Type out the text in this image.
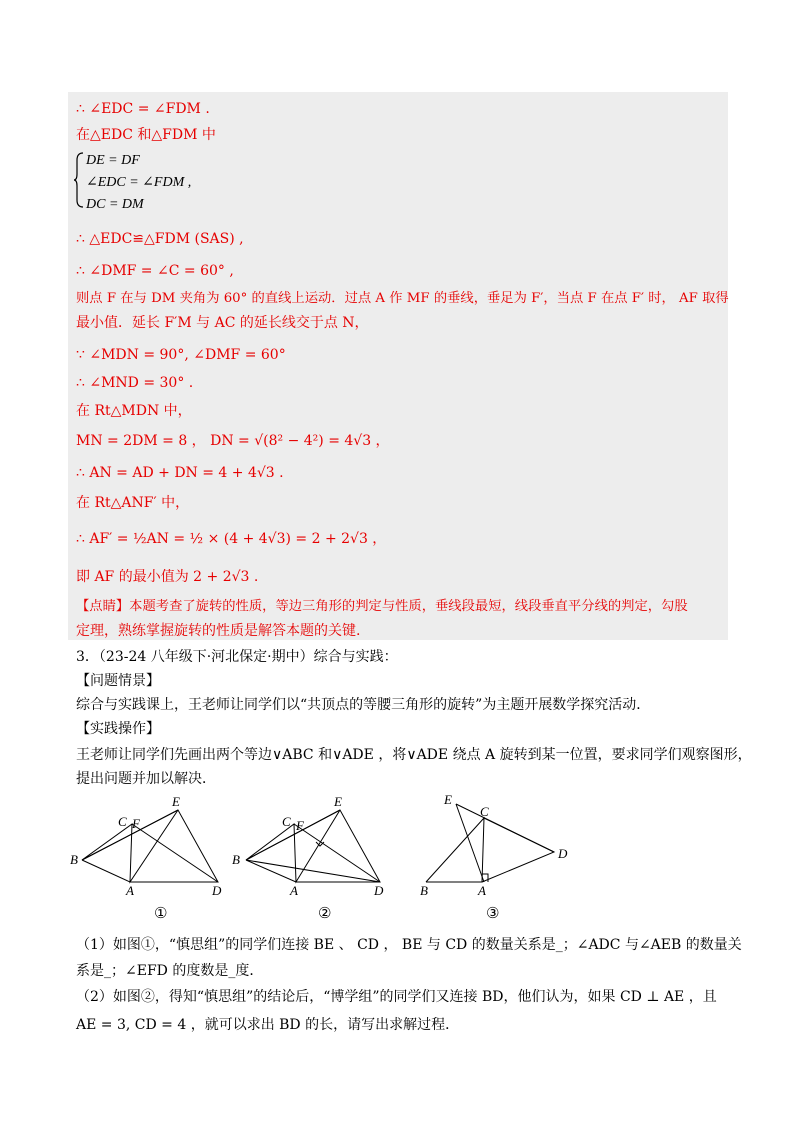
∴ ∠EDC = ∠FDM .
在△EDC 和△FDM 中
DE = DF
∠EDC = ∠FDM ,
DC = DM
∴ △EDC≌△FDM (SAS) ,
∴ ∠DMF = ∠C = 60° ,
则点 F 在与 DM 夹角为 60° 的直线上运动．过点 A 作 MF 的垂线，垂足为 F′，当点 F 在点 F′ 时， AF 取得
最小值．延长 F′M 与 AC 的延长线交于点 N，
∵ ∠MDN = 90°, ∠DMF = 60°
∴ ∠MND = 30° .
在 Rt△MDN 中，
MN = 2DM = 8 ， DN = √(8² − 4²) = 4√3 ，
∴ AN = AD + DN = 4 + 4√3 .
在 Rt△ANF′ 中，
∴ AF′ = ½AN = ½ × (4 + 4√3) = 2 + 2√3 ，
即 AF 的最小值为 2 + 2√3 .
【点睛】本题考查了旋转的性质，等边三角形的判定与性质，垂线段最短，线段垂直平分线的判定，勾股
定理，熟练掌握旋转的性质是解答本题的关键.
3．（23-24 八年级下·河北保定·期中）综合与实践：
【问题情景】
综合与实践课上，王老师让同学们以“共顶点的等腰三角形的旋转”为主题开展数学探究活动．
【实践操作】
王老师让同学们先画出两个等边∨ABC 和∨ADE ，将∨ADE 绕点 A 旋转到某一位置，要求同学们观察图形，
提出问题并加以解决．
B
A	D
C F
E
①
B
A	D
C F
E
②
B	A
D
C
E
③
（1）如图①，“慎思组”的同学们连接 BE 、 CD ， BE 与 CD 的数量关系是_；∠ADC 与∠AEB 的数量关
系是_；∠EFD 的度数是_度．
（2）如图②，得知“慎思组”的结论后，“博学组”的同学们又连接 BD，他们认为，如果 CD ⊥ AE ，且
AE = 3, CD = 4 ，就可以求出 BD 的长，请写出求解过程．
